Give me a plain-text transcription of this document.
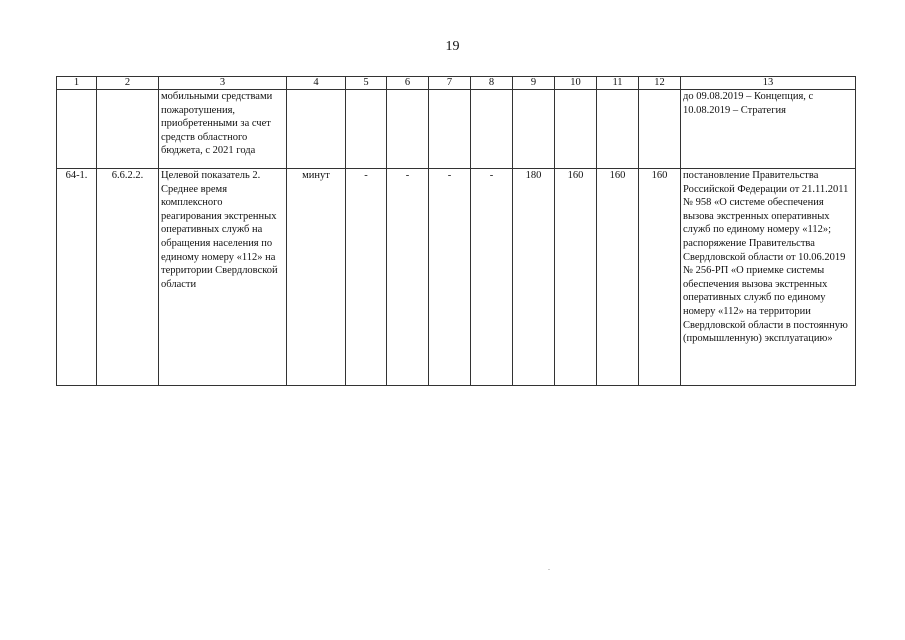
19
1	2	3	4	5	6	7	8	9	10	11	12	13
		мобильными средствами пожаротушения, приобретенными за счет средств областного бюджета, с 2021 года										до 09.08.2019 – Концепция, с 10.08.2019 – Стратегия
64-1.	6.6.2.2.	Целевой показатель 2. Среднее время комплексного реагирования экстренных оперативных служб на обращения населения по единому номеру «112» на территории Свердловской области	минут	-	-	-	-	180	160	160	160	постановление Правительства Российской Федерации от 21.11.2011 № 958 «О системе обеспечения вызова экстренных оперативных служб по единому номеру «112»; распоряжение Правительства Свердловской области от 10.06.2019 № 256-РП «О приемке системы обеспечения вызова экстренных оперативных служб по единому номеру «112» на территории Свердловской области в постоянную (промышленную) эксплуатацию»
